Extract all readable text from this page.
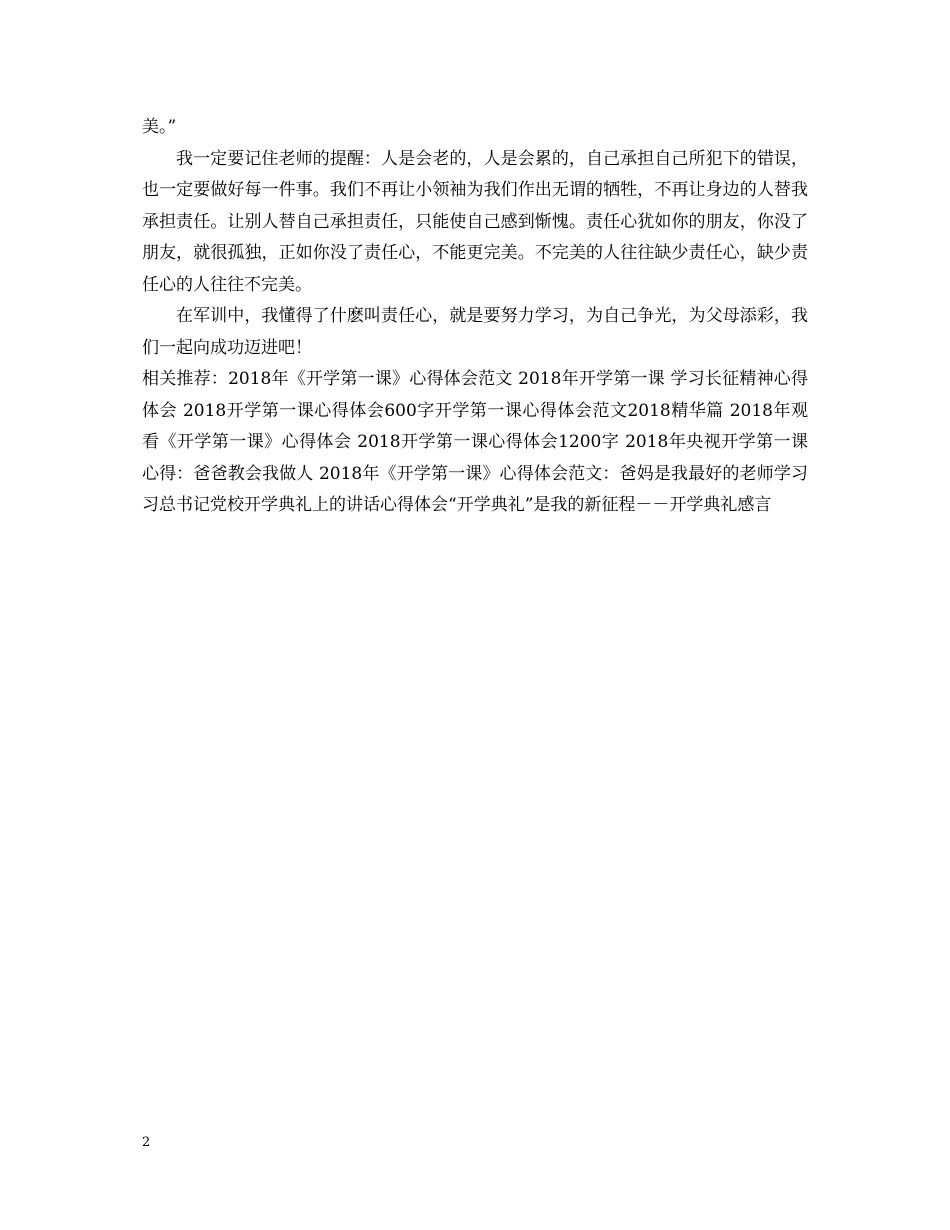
美。”

我一定要记住老师的提醒：人是会老的，人是会累的，自己承担自己所犯下的错误，也一定要做好每一件事。我们不再让小领袖为我们作出无谓的牺牲，不再让身边的人替我承担责任。让别人替自己承担责任，只能使自己感到惭愧。责任心犹如你的朋友，你没了朋友，就很孤独，正如你没了责任心，不能更完美。不完美的人往往缺少责任心，缺少责任心的人往往不完美。

在军训中，我懂得了什麽叫责任心，就是要努力学习，为自己争光，为父母添彩，我们一起向成功迈进吧！

相关推荐：2018年《开学第一课》心得体会范文 2018年开学第一课 学习长征精神心得体会 2018开学第一课心得体会600字开学第一课心得体会范文2018精华篇 2018年观看《开学第一课》心得体会 2018开学第一课心得体会1200字 2018年央视开学第一课心得：爸爸教会我做人 2018年《开学第一课》心得体会范文：爸妈是我最好的老师学习习总书记党校开学典礼上的讲话心得体会“开学典礼”是我的新征程－－开学典礼感言

2
